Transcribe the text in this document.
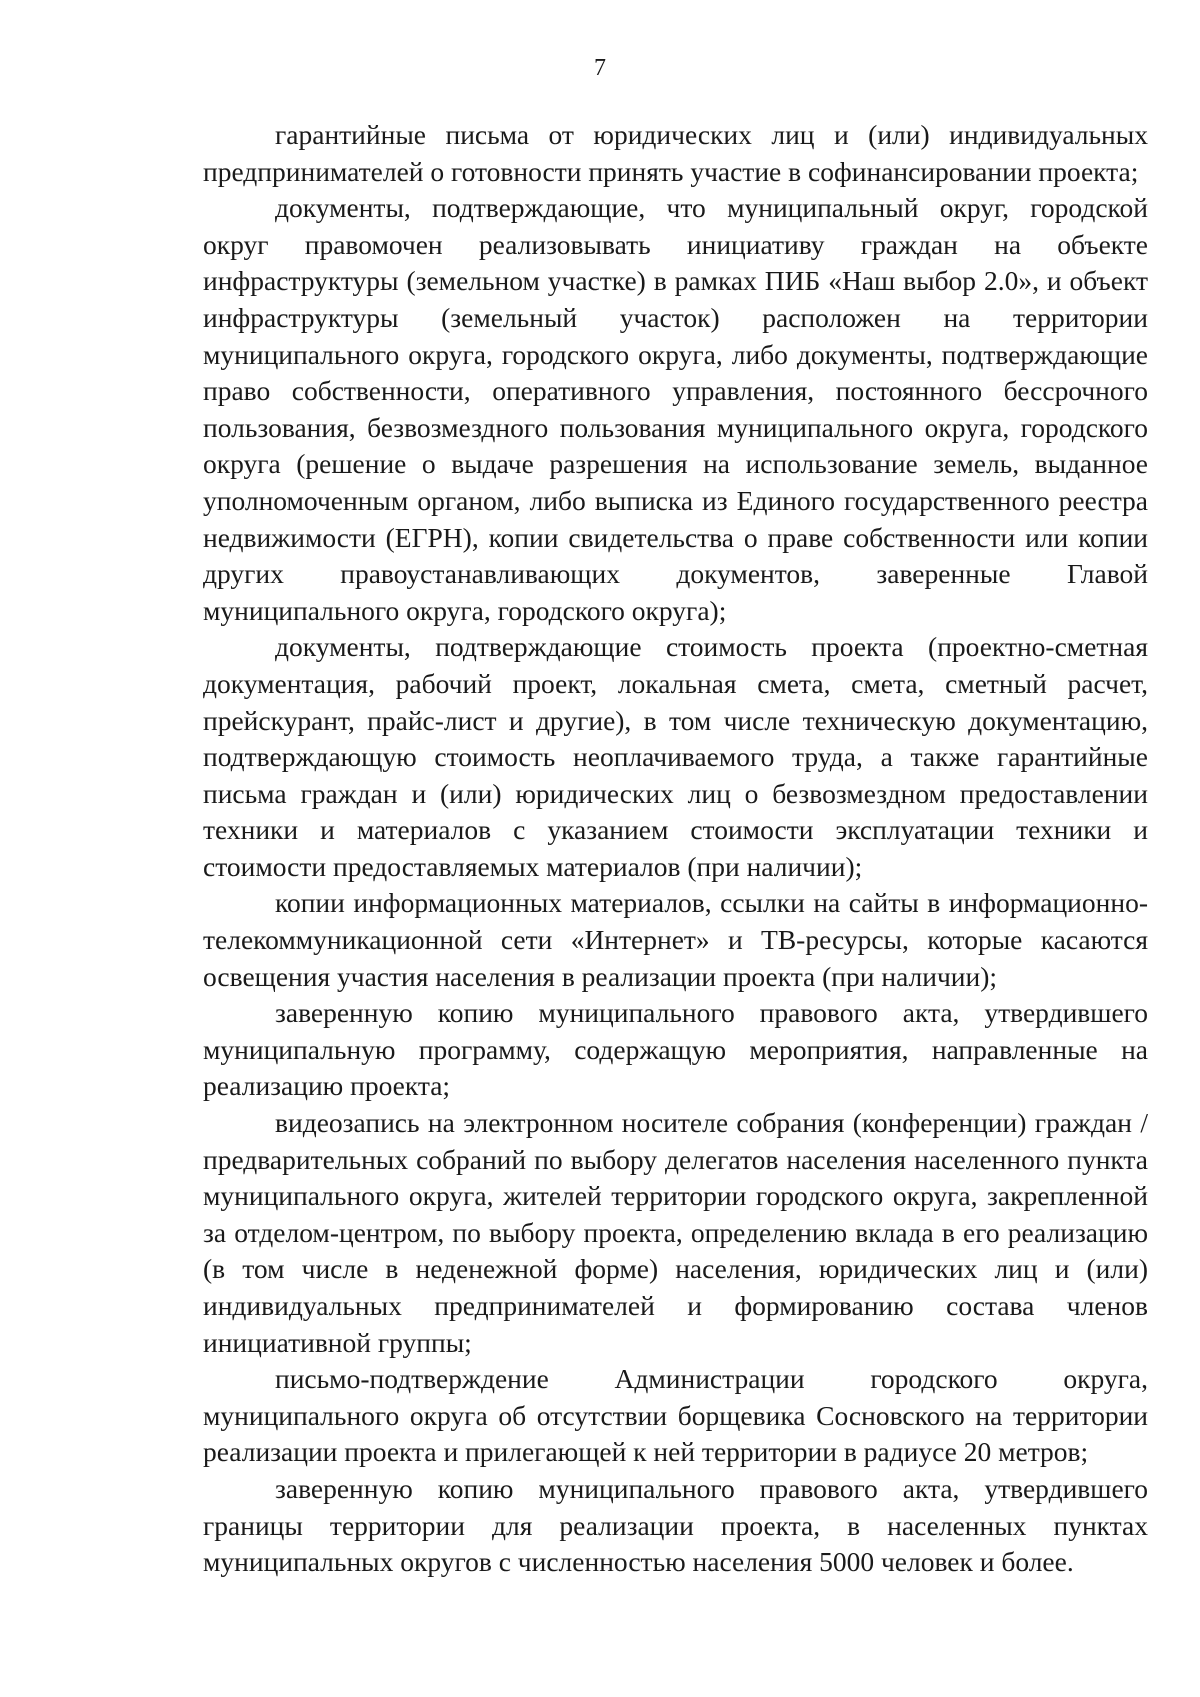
7

гарантийные письма от юридических лиц и (или) индивидуальных предпринимателей о готовности принять участие в софинансировании проекта;

документы, подтверждающие, что муниципальный округ, городской округ правомочен реализовывать инициативу граждан на объекте инфраструктуры (земельном участке) в рамках ПИБ «Наш выбор 2.0», и объект инфраструктуры (земельный участок) расположен на территории муниципального округа, городского округа, либо документы, подтверждающие право собственности, оперативного управления, постоянного бессрочного пользования, безвозмездного пользования муниципального округа, городского округа (решение о выдаче разрешения на использование земель, выданное уполномоченным органом, либо выписка из Единого государственного реестра недвижимости (ЕГРН), копии свидетельства о праве собственности или копии других правоустанавливающих документов, заверенные Главой муниципального округа, городского округа);

документы, подтверждающие стоимость проекта (проектно-сметная документация, рабочий проект, локальная смета, смета, сметный расчет, прейскурант, прайс-лист и другие), в том числе техническую документацию, подтверждающую стоимость неоплачиваемого труда, а также гарантийные письма граждан и (или) юридических лиц о безвозмездном предоставлении техники и материалов с указанием стоимости эксплуатации техники и стоимости предоставляемых материалов (при наличии);

копии информационных материалов, ссылки на сайты в информационно-телекоммуникационной сети «Интернет» и ТВ-ресурсы, которые касаются освещения участия населения в реализации проекта (при наличии);

заверенную копию муниципального правового акта, утвердившего муниципальную программу, содержащую мероприятия, направленные на реализацию проекта;

видеозапись на электронном носителе собрания (конференции) граждан / предварительных собраний по выбору делегатов населения населенного пункта муниципального округа, жителей территории городского округа, закрепленной за отделом-центром, по выбору проекта, определению вклада в его реализацию (в том числе в неденежной форме) населения, юридических лиц и (или) индивидуальных предпринимателей и формированию состава членов инициативной группы;

письмо-подтверждение Администрации городского округа, муниципального округа об отсутствии борщевика Сосновского на территории реализации проекта и прилегающей к ней территории в радиусе 20 метров;

заверенную копию муниципального правового акта, утвердившего границы территории для реализации проекта, в населенных пунктах муниципальных округов с численностью населения 5000 человек и более.
